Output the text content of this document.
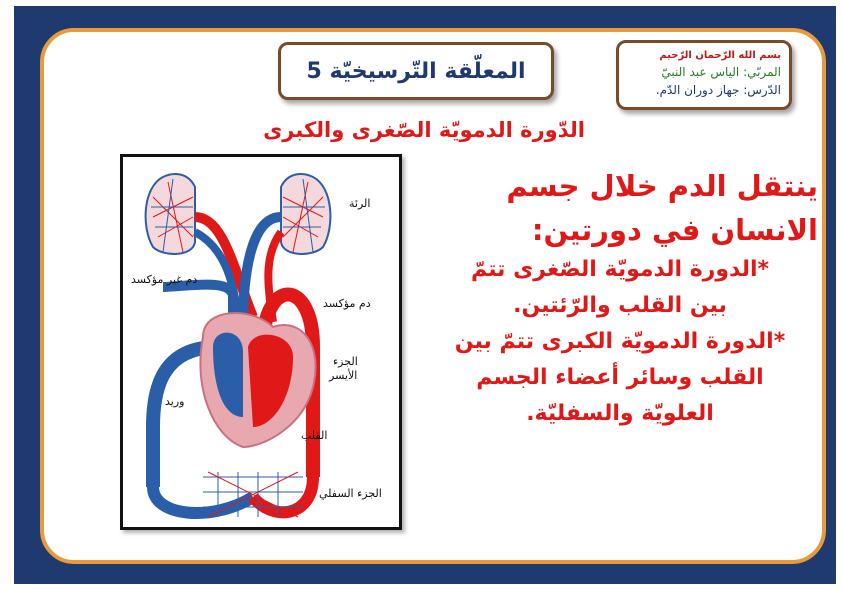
المعلّقة التّرسيخيّة 5
بسم الله الرّحمان الرّحيم
المربّي: الياس عبد النبيّ
الدّرس: جهاز دوران الدّم.
الدّورة الدمويّة الصّغرى والكبرى
الرئة
دم غير مؤكسد
دم مؤكسد
الجزء
الأيسر
وريد
القلب
الجزء السفلي
ينتقل الدم خلال جسم
الانسان في دورتين:
*الدورة الدمويّة الصّغرى تتمّ
بين القلب والرّئتين.
*الدورة الدمويّة الكبرى تتمّ بين
القلب وسائر أعضاء الجسم
العلويّة والسفليّة.
